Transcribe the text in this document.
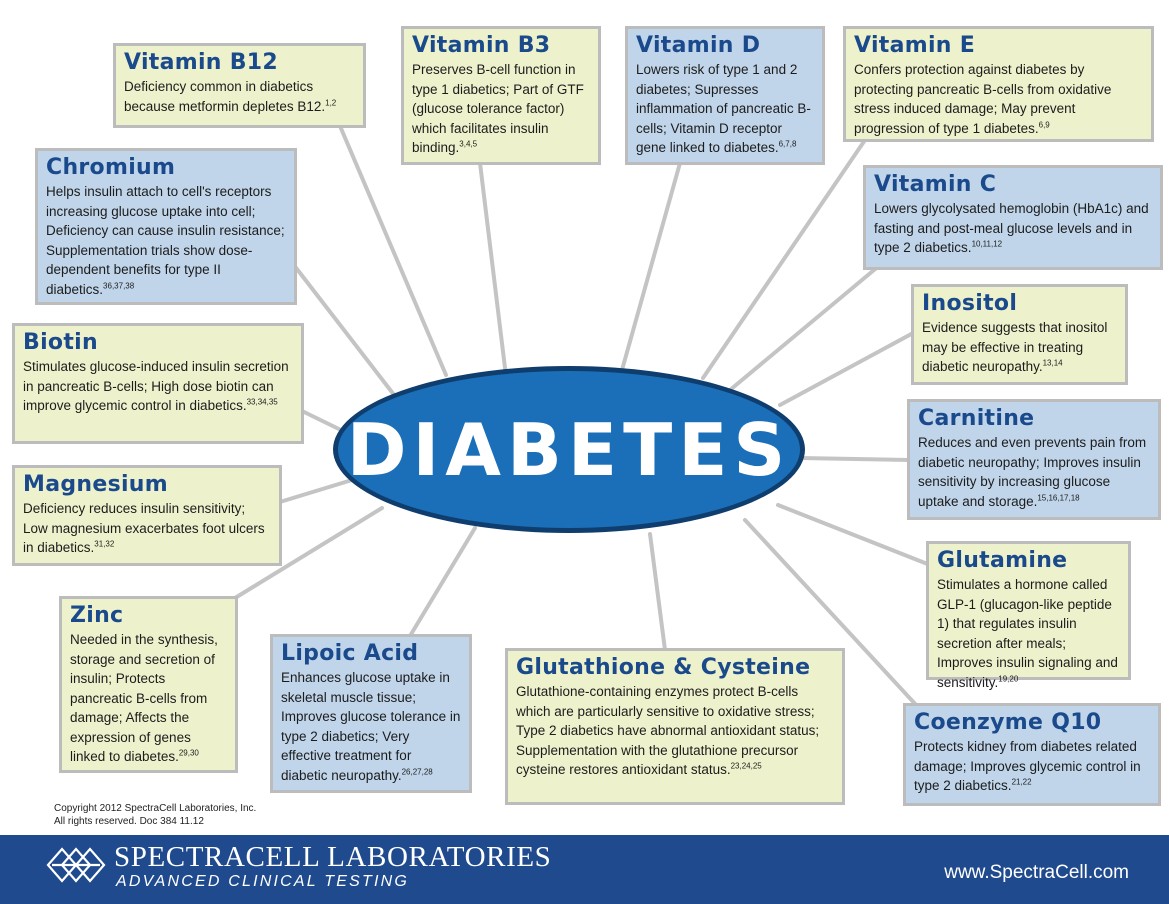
DIABETES
Vitamin B12
Deficiency common in diabetics because metformin depletes B12.$^{1,2}$
Vitamin B3
Preserves B-cell function in type 1 diabetics; Part of GTF (glucose tolerance factor) which facilitates insulin binding.$^{3,4,5}$
Vitamin D
Lowers risk of type 1 and 2 diabetes; Supresses inflammation of pancreatic B-cells; Vitamin D receptor gene linked to diabetes.$^{6,7,8}$
Vitamin E
Confers protection against diabetes by protecting pancreatic B-cells from oxidative stress induced damage; May prevent progression of type 1 diabetes.$^{6,9}$
Chromium
Helps insulin attach to cell's receptors increasing glucose uptake into cell; Deficiency can cause insulin resistance; Supplementation trials show dose-dependent benefits for type II diabetics.$^{36,37,38}$
Vitamin C
Lowers glycolysated hemoglobin (HbA1c) and fasting and post-meal glucose levels and in type 2 diabetics.$^{10,11,12}$
Inositol
Evidence suggests that inositol may be effective in treating diabetic neuropathy.$^{13,14}$
Biotin
Stimulates glucose-induced insulin secretion in pancreatic B-cells; High dose biotin can improve glycemic control in diabetics.$^{33,34,35}$
Carnitine
Reduces and even prevents pain from diabetic neuropathy; Improves insulin sensitivity by increasing glucose uptake and storage.$^{15,16,17,18}$
Magnesium
Deficiency reduces insulin sensitivity; Low magnesium exacerbates foot ulcers in diabetics.$^{31,32}$
Glutamine
Stimulates a hormone called GLP-1 (glucagon-like peptide 1) that regulates insulin secretion after meals; Improves insulin signaling and sensitivity.$^{19,20}$
Zinc
Needed in the synthesis, storage and secretion of insulin; Protects pancreatic B-cells from damage; Affects the expression of genes linked to diabetes.$^{29,30}$
Lipoic Acid
Enhances glucose uptake in skeletal muscle tissue; Improves glucose tolerance in type 2 diabetics; Very effective treatment for diabetic neuropathy.$^{26,27,28}$
Glutathione & Cysteine
Glutathione-containing enzymes protect B-cells which are particularly sensitive to oxidative stress; Type 2 diabetics have abnormal antioxidant status; Supplementation with the glutathione precursor cysteine restores antioxidant status.$^{23,24,25}$
Coenzyme Q10
Protects kidney from diabetes related damage; Improves glycemic control in type 2 diabetics.$^{21,22}$
Copyright 2012 SpectraCell Laboratories, Inc.
All rights reserved. Doc 384 11.12
SPECTRACELL LABORATORIES
ADVANCED CLINICAL TESTING	www.SpectraCell.com
